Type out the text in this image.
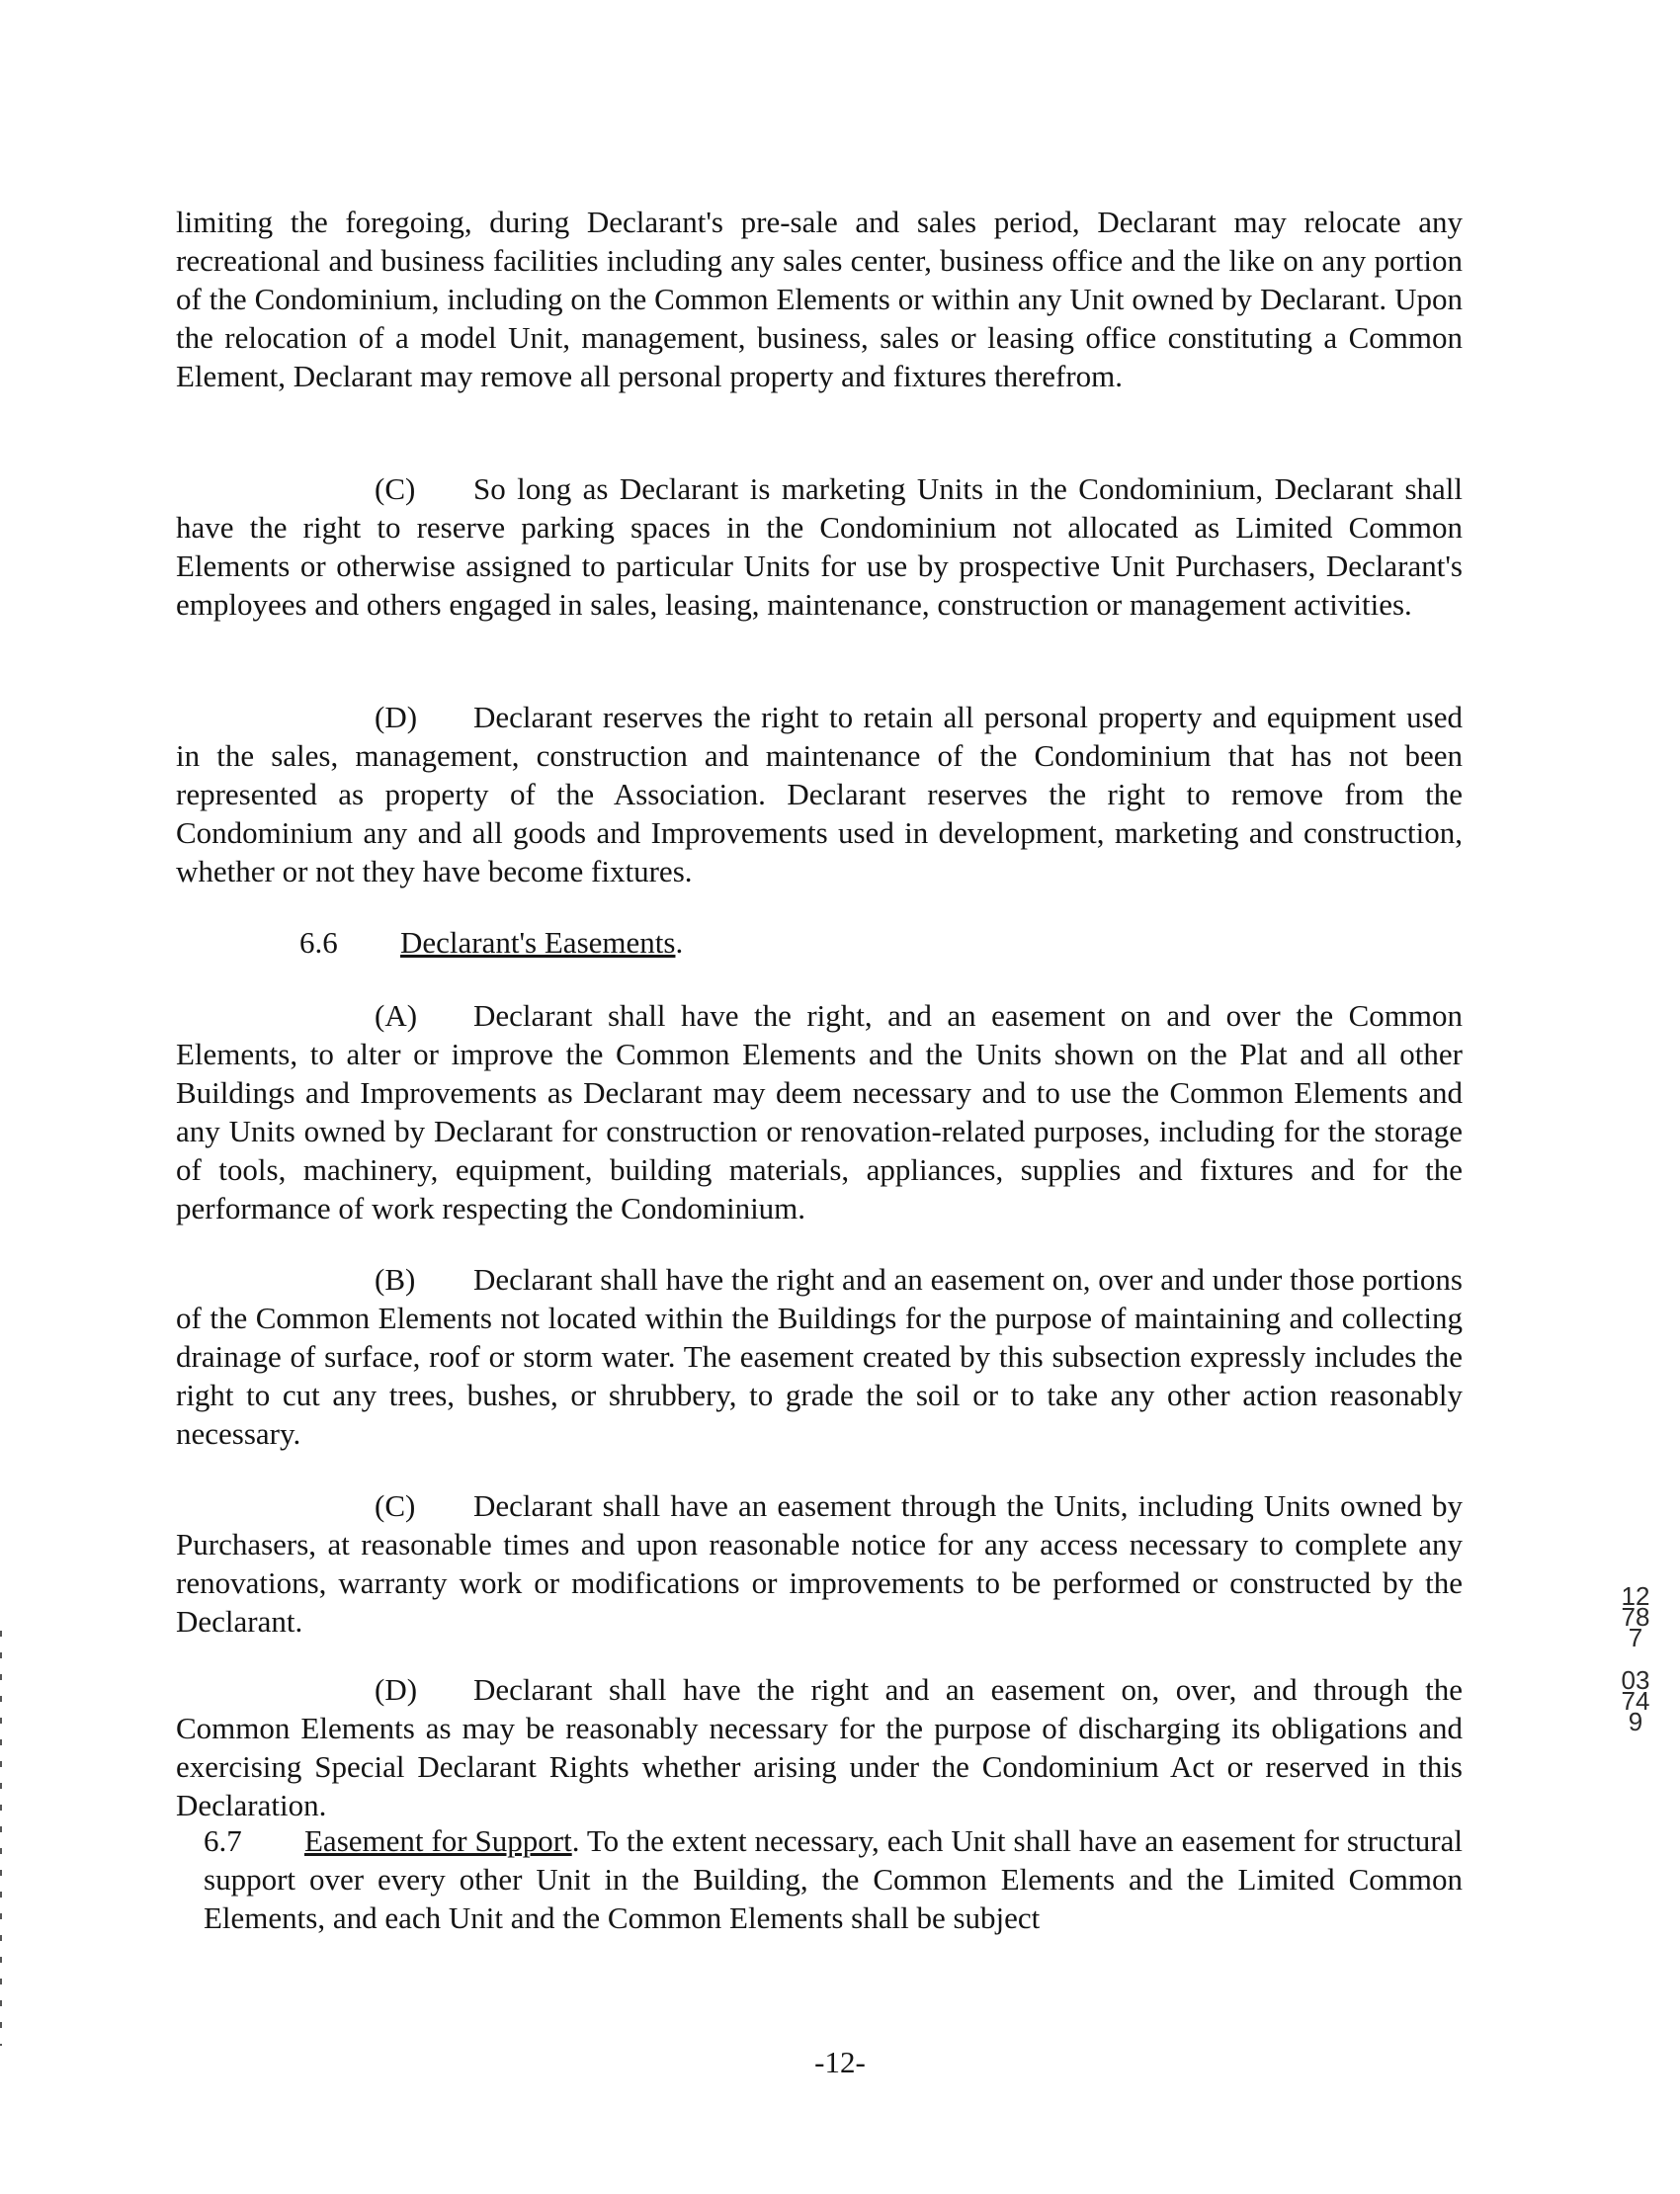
limiting the foregoing, during Declarant's pre-sale and sales period, Declarant may relocate any recreational and business facilities including any sales center, business office and the like on any portion of the Condominium, including on the Common Elements or within any Unit owned by Declarant. Upon the relocation of a model Unit, management, business, sales or leasing office constituting a Common Element, Declarant may remove all personal property and fixtures therefrom.

(C) So long as Declarant is marketing Units in the Condominium, Declarant shall have the right to reserve parking spaces in the Condominium not allocated as Limited Common Elements or otherwise assigned to particular Units for use by prospective Unit Purchasers, Declarant's employees and others engaged in sales, leasing, maintenance, construction or management activities.

(D) Declarant reserves the right to retain all personal property and equipment used in the sales, management, construction and maintenance of the Condominium that has not been represented as property of the Association. Declarant reserves the right to remove from the Condominium any and all goods and Improvements used in development, marketing and construction, whether or not they have become fixtures.

6.6 Declarant's Easements.

(A) Declarant shall have the right, and an easement on and over the Common Elements, to alter or improve the Common Elements and the Units shown on the Plat and all other Buildings and Improvements as Declarant may deem necessary and to use the Common Elements and any Units owned by Declarant for construction or renovation-related purposes, including for the storage of tools, machinery, equipment, building materials, appliances, supplies and fixtures and for the performance of work respecting the Condominium.

(B) Declarant shall have the right and an easement on, over and under those portions of the Common Elements not located within the Buildings for the purpose of maintaining and collecting drainage of surface, roof or storm water. The easement created by this subsection expressly includes the right to cut any trees, bushes, or shrubbery, to grade the soil or to take any other action reasonably necessary.

(C) Declarant shall have an easement through the Units, including Units owned by Purchasers, at reasonable times and upon reasonable notice for any access necessary to complete any renovations, warranty work or modifications or improvements to be performed or constructed by the Declarant.

(D) Declarant shall have the right and an easement on, over, and through the Common Elements as may be reasonably necessary for the purpose of discharging its obligations and exercising Special Declarant Rights whether arising under the Condominium Act or reserved in this Declaration.

6.7 Easement for Support. To the extent necessary, each Unit shall have an easement for structural support over every other Unit in the Building, the Common Elements and the Limited Common Elements, and each Unit and the Common Elements shall be subject

-12-
12787
03749
